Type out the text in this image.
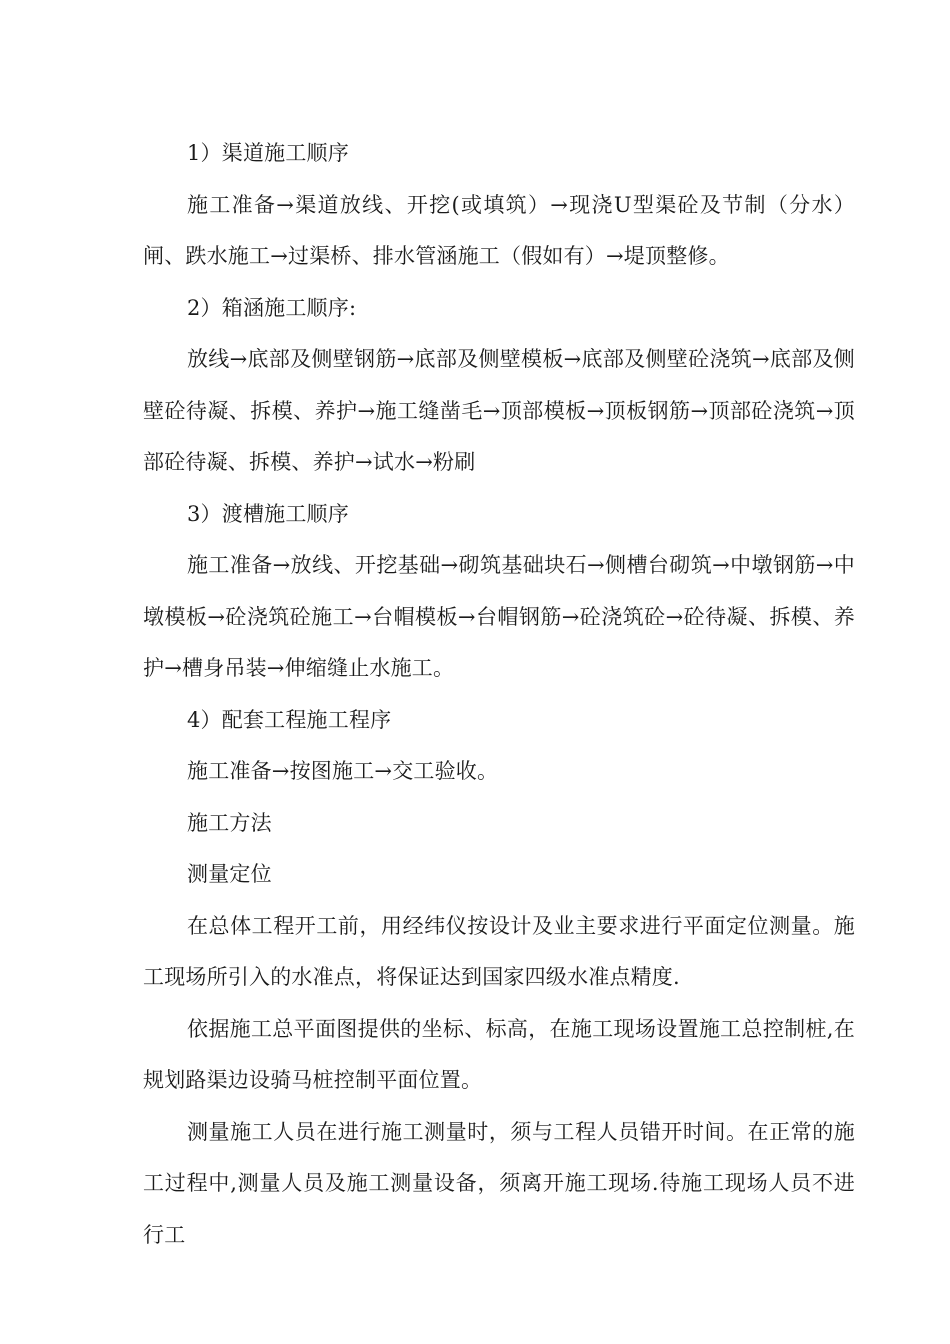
1）渠道施工顺序

施工准备→渠道放线、开挖(或填筑）→现浇U型渠砼及节制（分水）闸、跌水施工→过渠桥、排水管涵施工（假如有）→堤顶整修。

2）箱涵施工顺序:

放线→底部及侧壁钢筋→底部及侧壁模板→底部及侧壁砼浇筑→底部及侧壁砼待凝、拆模、养护→施工缝凿毛→顶部模板→顶板钢筋→顶部砼浇筑→顶部砼待凝、拆模、养护→试水→粉刷

3）渡槽施工顺序

施工准备→放线、开挖基础→砌筑基础块石→侧槽台砌筑→中墩钢筋→中墩模板→砼浇筑砼施工→台帽模板→台帽钢筋→砼浇筑砼→砼待凝、拆模、养护→槽身吊装→伸缩缝止水施工。

4）配套工程施工程序

施工准备→按图施工→交工验收。

施工方法

测量定位

在总体工程开工前，用经纬仪按设计及业主要求进行平面定位测量。施工现场所引入的水准点，将保证达到国家四级水准点精度.

依据施工总平面图提供的坐标、标高，在施工现场设置施工总控制桩,在规划路渠边设骑马桩控制平面位置。

测量施工人员在进行施工测量时，须与工程人员错开时间。在正常的施工过程中,测量人员及施工测量设备，须离开施工现场.待施工现场人员不进行工
